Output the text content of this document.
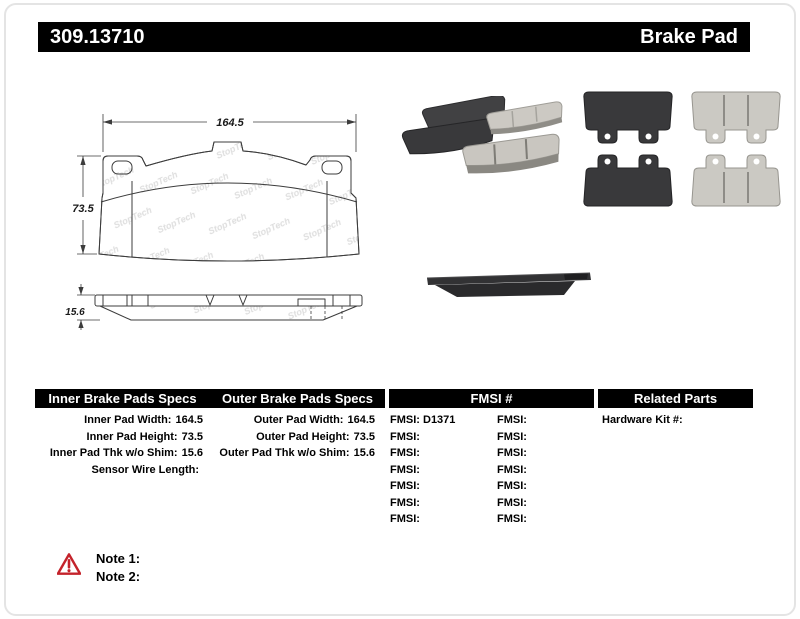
309.13710	Brake Pad
164.5
73.5
15.6
Inner Brake Pads Specs	Outer Brake Pads Specs	FMSI #	Related Parts
Inner Pad Width: 164.5
Inner Pad Height: 73.5
Inner Pad Thk w/o Shim: 15.6
Sensor Wire Length:
Outer Pad Width: 164.5
Outer Pad Height: 73.5
Outer Pad Thk w/o Shim: 15.6
FMSI: D1371
FMSI:
FMSI:
FMSI:
FMSI:
FMSI:
FMSI:
FMSI:
FMSI:
FMSI:
FMSI:
FMSI:
FMSI:
FMSI:
Hardware Kit #:
Note 1:
Note 2:
